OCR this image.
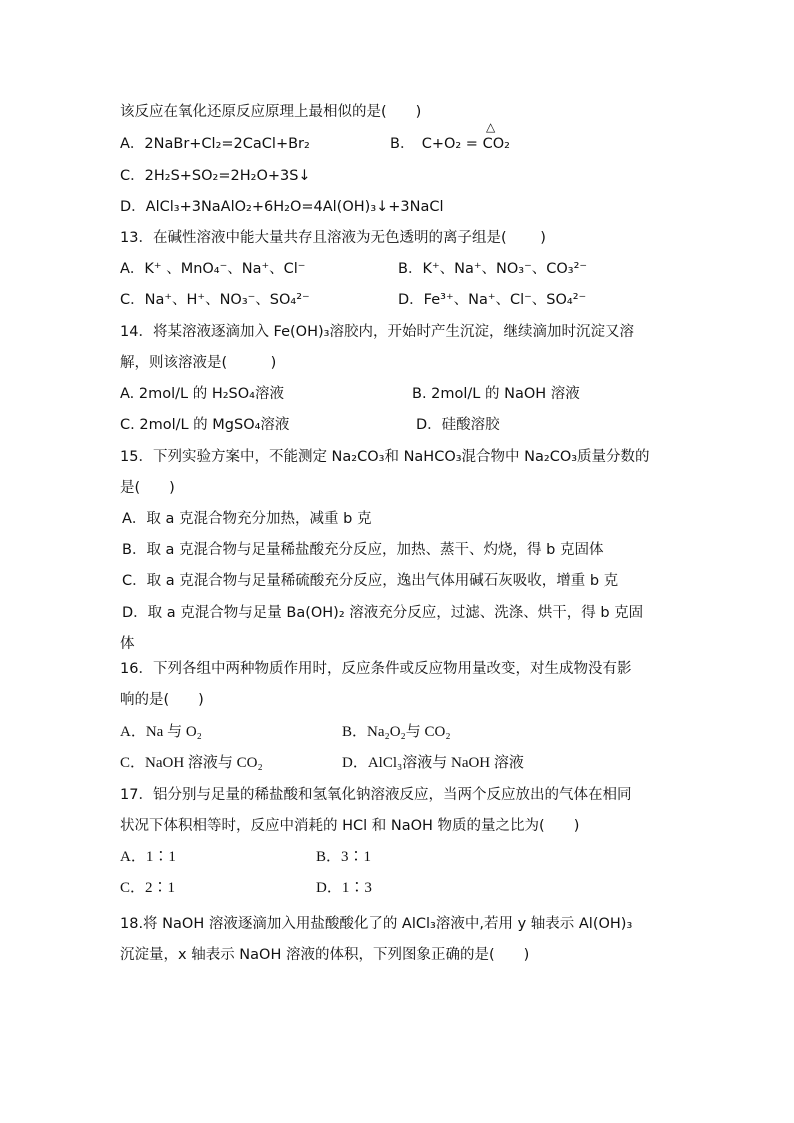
该反应在氧化还原反应原理上最相似的是(　　)
A．2NaBr+Cl₂=2CaCl+Br₂	B．　C+O₂ = CO₂
△
C．2H₂S+SO₂=2H₂O+3S↓
D．AlCl₃+3NaAlO₂+6H₂O=4Al(OH)₃↓+3NaCl
13．在碱性溶液中能大量共存且溶液为无色透明的离子组是(　　 )
A．K⁺ 、MnO₄⁻、Na⁺、Cl⁻	B．K⁺、Na⁺、NO₃⁻、CO₃²⁻
C．Na⁺、H⁺、NO₃⁻、SO₄²⁻	D．Fe³⁺、Na⁺、Cl⁻、SO₄²⁻
14．将某溶液逐滴加入 Fe(OH)₃溶胶内，开始时产生沉淀，继续滴加时沉淀又溶
解，则该溶液是(　　　)
A. 2mol/L 的 H₂SO₄溶液	B. 2mol/L 的 NaOH 溶液
C. 2mol/L 的 MgSO₄溶液	D．硅酸溶胶
15．下列实验方案中，不能测定 Na₂CO₃和 NaHCO₃混合物中 Na₂CO₃质量分数的
是(　　)
A．取 a 克混合物充分加热，减重 b 克
B．取 a 克混合物与足量稀盐酸充分反应，加热、蒸干、灼烧，得 b 克固体
C．取 a 克混合物与足量稀硫酸充分反应，逸出气体用碱石灰吸收，增重 b 克
D．取 a 克混合物与足量 Ba(OH)₂ 溶液充分反应，过滤、洗涤、烘干，得 b 克固
体
16．下列各组中两种物质作用时，反应条件或反应物用量改变，对生成物没有影
响的是(　　)
A．Na 与 O₂	B．Na₂O₂与 CO₂
C．NaOH 溶液与 CO₂	D．AlCl₃溶液与 NaOH 溶液
17．铝分别与足量的稀盐酸和氢氧化钠溶液反应，当两个反应放出的气体在相同
状况下体积相等时，反应中消耗的 HCl 和 NaOH 物质的量之比为(　　)
A．1∶1	B．3∶1
C．2∶1	D．1∶3
18.将 NaOH 溶液逐滴加入用盐酸酸化了的 AlCl₃溶液中,若用 y 轴表示 Al(OH)₃
沉淀量，x 轴表示 NaOH 溶液的体积，下列图象正确的是(　　)
